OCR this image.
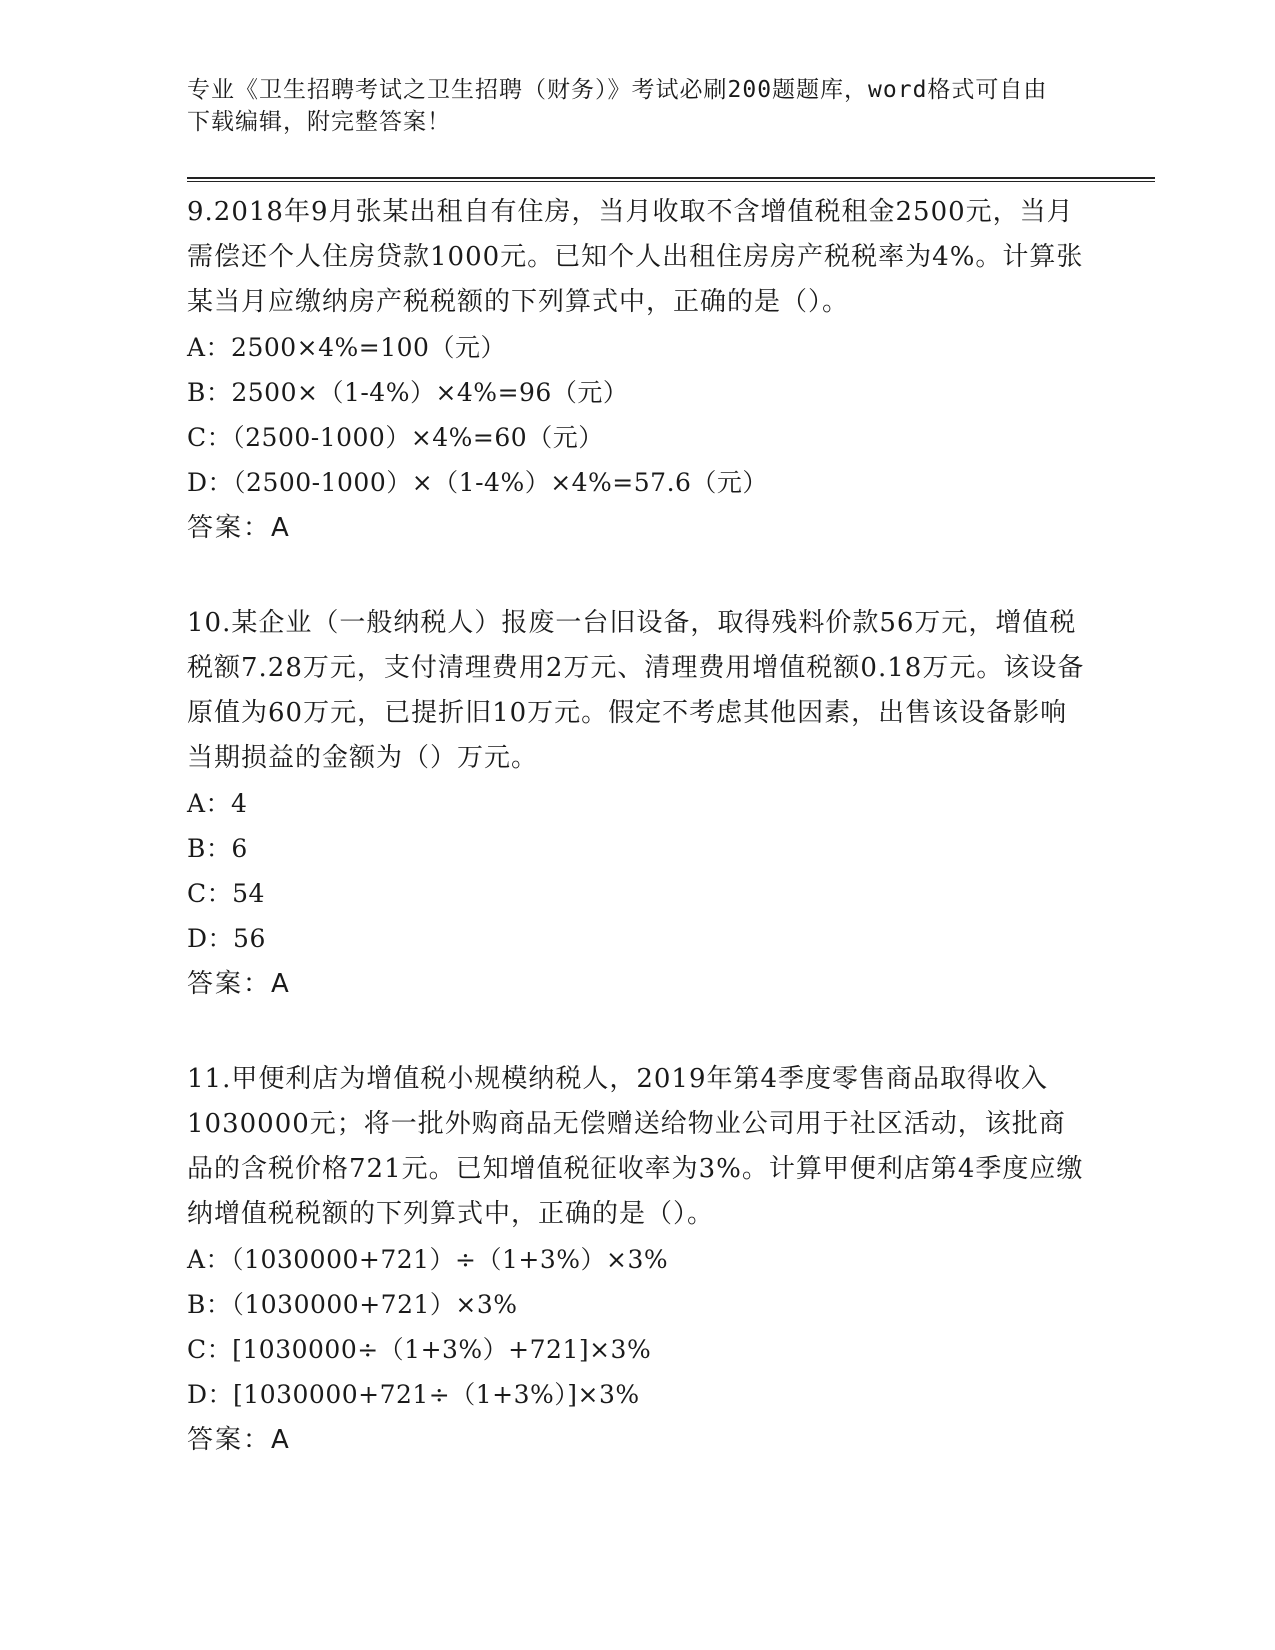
专业《卫生招聘考试之卫生招聘（财务）》考试必刷200题题库，word格式可自由下载编辑，附完整答案！

9.2018年9月张某出租自有住房，当月收取不含增值税租金2500元，当月需偿还个人住房贷款1000元。已知个人出租住房房产税税率为4%。计算张某当月应缴纳房产税税额的下列算式中，正确的是（）。

A：2500×4%=100（元）

B：2500×（1-4%）×4%=96（元）

C：（2500-1000）×4%=60（元）

D：（2500-1000）×（1-4%）×4%=57.6（元）

答案：A

10.某企业（一般纳税人）报废一台旧设备，取得残料价款56万元，增值税税额7.28万元，支付清理费用2万元、清理费用增值税额0.18万元。该设备原值为60万元，已提折旧10万元。假定不考虑其他因素，出售该设备影响当期损益的金额为（）万元。

A：4

B：6

C：54

D：56

答案：A

11.甲便利店为增值税小规模纳税人，2019年第4季度零售商品取得收入1030000元；将一批外购商品无偿赠送给物业公司用于社区活动，该批商品的含税价格721元。已知增值税征收率为3%。计算甲便利店第4季度应缴纳增值税税额的下列算式中，正确的是（）。

A：（1030000+721）÷（1+3%）×3%

B：（1030000+721）×3%

C：[1030000÷（1+3%）+721]×3%

D：[1030000+721÷（1+3%）]×3%

答案：A
